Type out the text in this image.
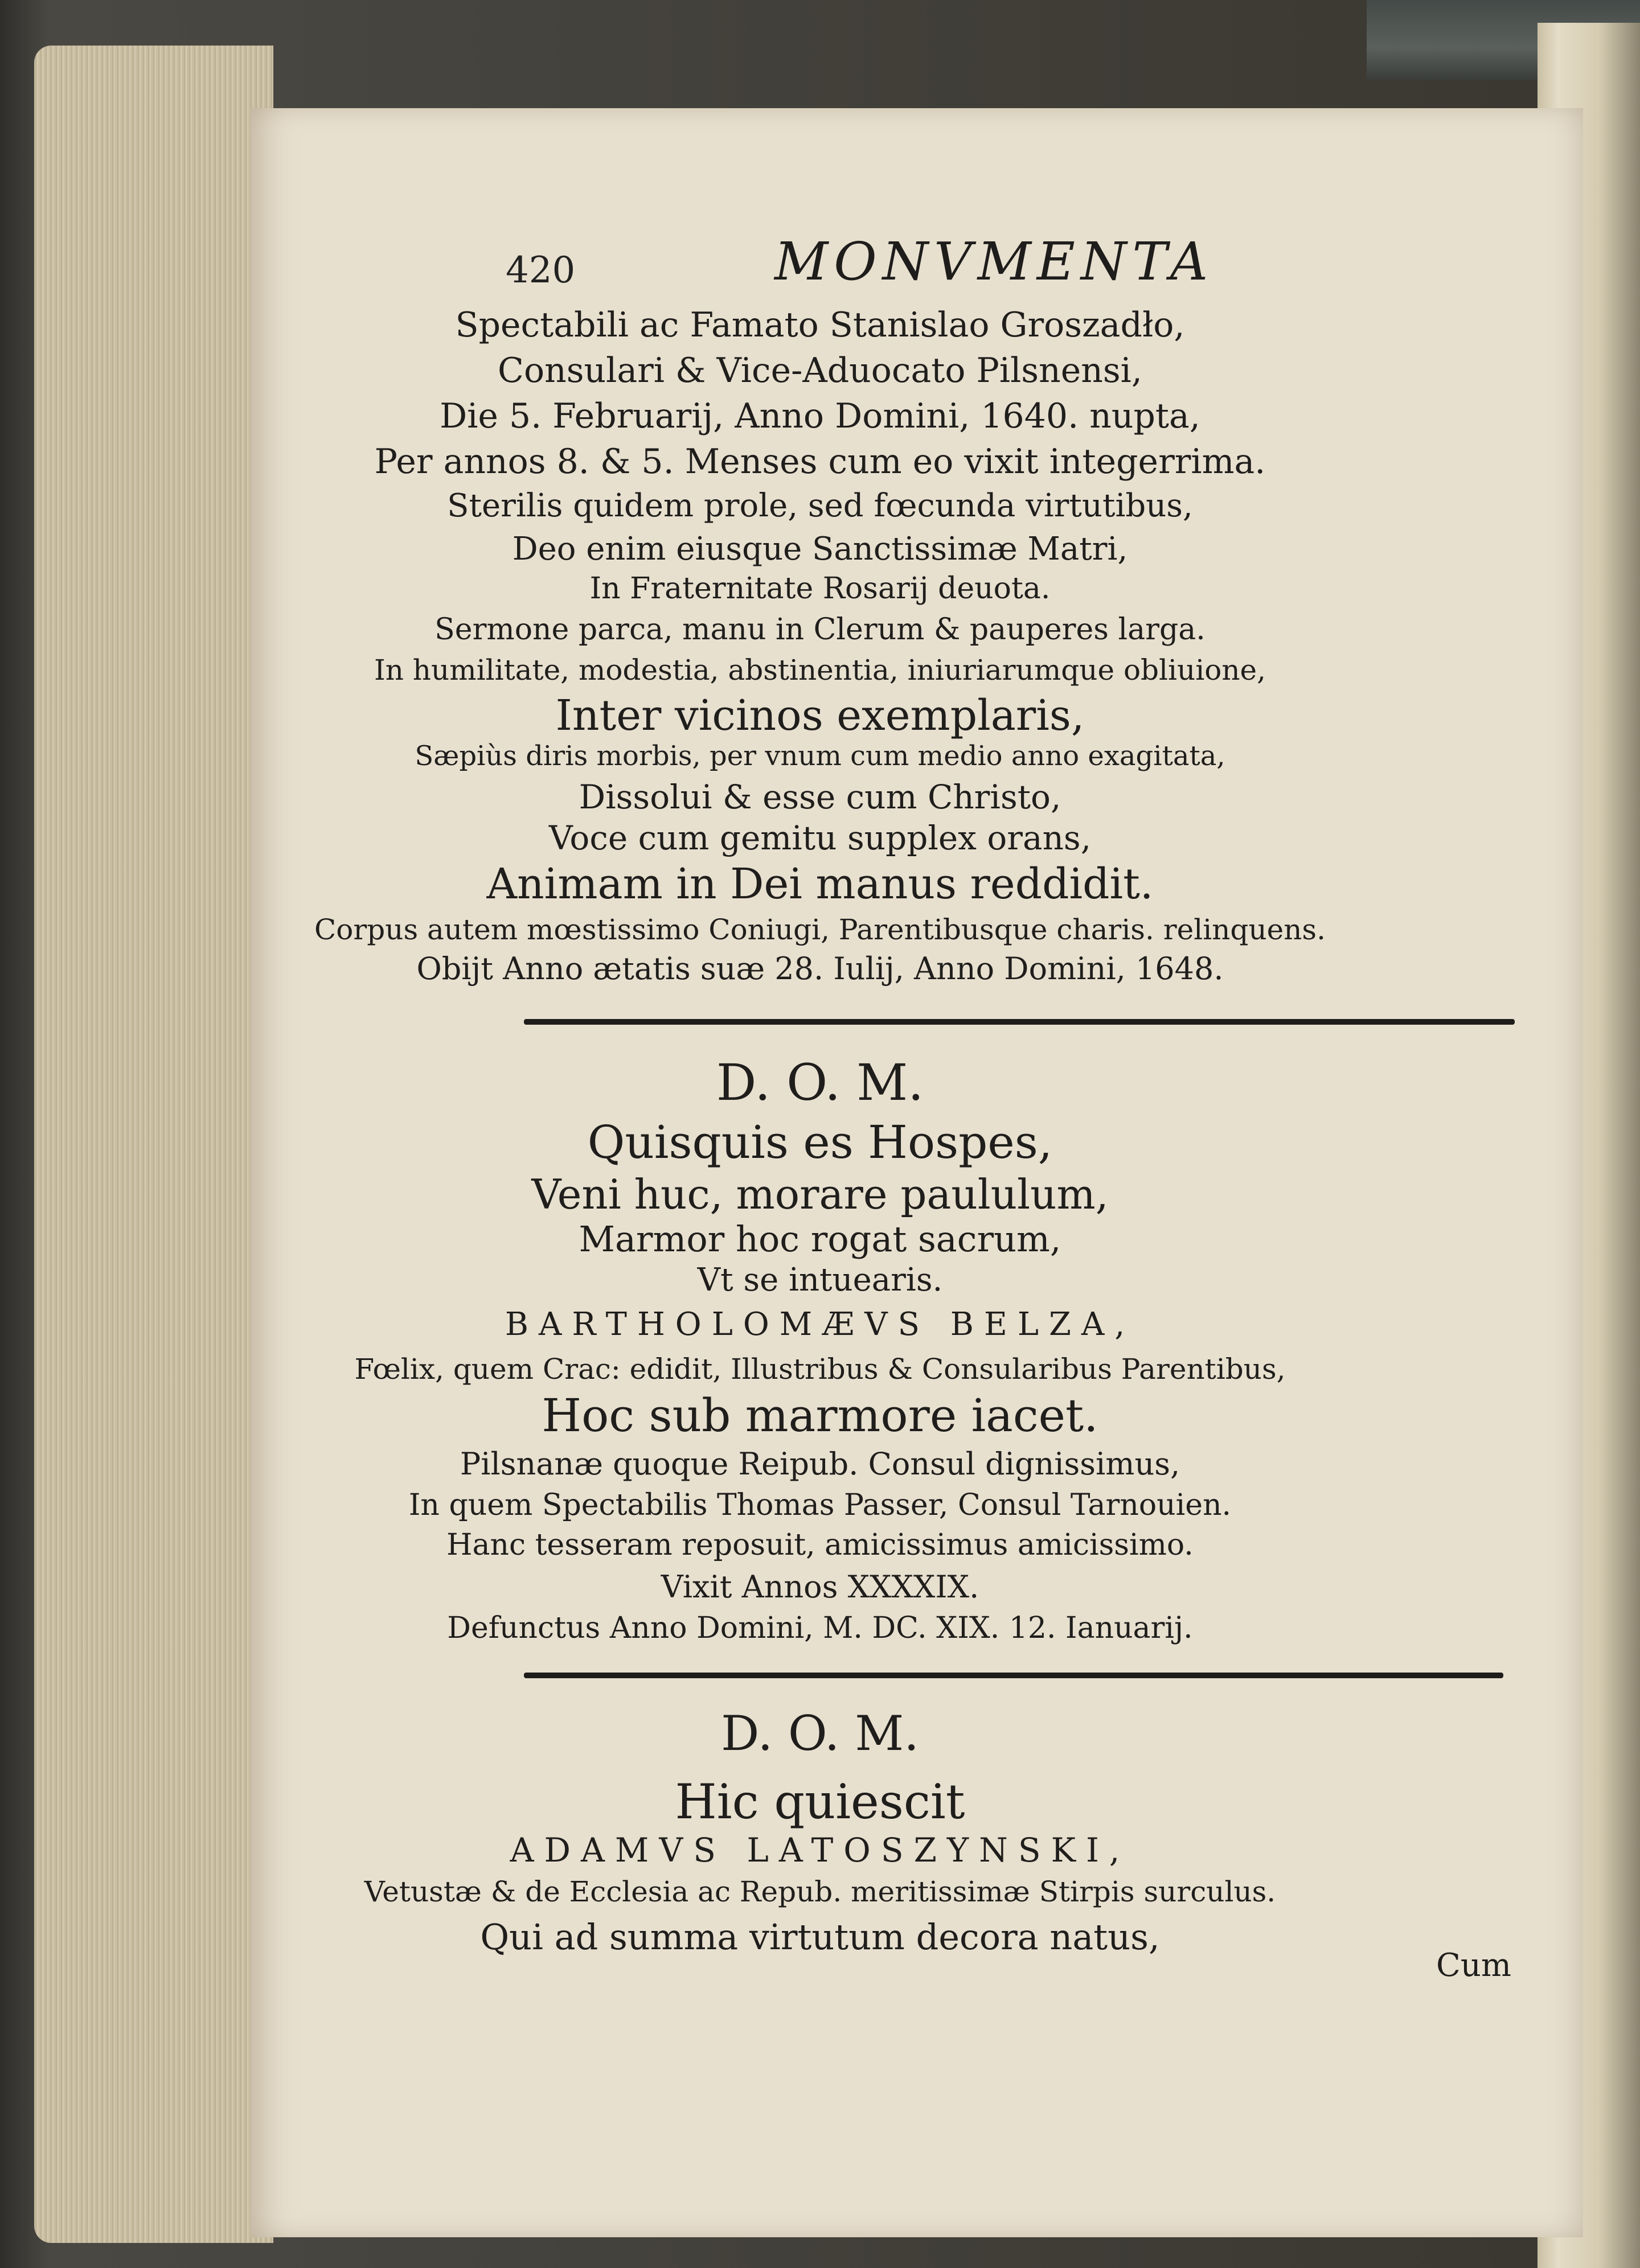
420	MONVMENTA
Spectabili ac Famato Stanislao Groszadło,
Consulari & Vice-Aduocato Pilsnensi,
Die 5. Februarij, Anno Domini, 1640. nupta,
Per annos 8. & 5. Menses cum eo vixit integerrima.
Sterilis quidem prole, sed fœcunda virtutibus,
Deo enim eiusque Sanctissimæ Matri,
In Fraternitate Rosarij deuota.
Sermone parca, manu in Clerum & pauperes larga.
In humilitate, modestia, abstinentia, iniuriarumque obliuione,
Inter vicinos exemplaris,
Sæpiùs diris morbis, per vnum cum medio anno exagitata,
Dissolui & esse cum Christo,
Voce cum gemitu supplex orans,
Animam in Dei manus reddidit.
Corpus autem mœstissimo Coniugi, Parentibusque charis. relinquens.
Obijt Anno ætatis suæ 28. Iulij, Anno Domini, 1648.
D. O. M.
Quisquis es Hospes,
Veni huc, morare paululum,
Marmor hoc rogat sacrum,
Vt se intuearis.
BARTHOLOMÆVS BELZA,
Fœlix, quem Crac: edidit, Illustribus & Consularibus Parentibus,
Hoc sub marmore iacet.
Pilsnanæ quoque Reipub. Consul dignissimus,
In quem Spectabilis Thomas Passer, Consul Tarnouien.
Hanc tesseram reposuit, amicissimus amicissimo.
Vixit Annos XXXXIX.
Defunctus Anno Domini, M. DC. XIX. 12. Ianuarij.
D. O. M.
Hic quiescit
ADAMVS LATOSZYNSKI,
Vetustæ & de Ecclesia ac Repub. meritissimæ Stirpis surculus.
Qui ad summa virtutum decora natus,
Cum
